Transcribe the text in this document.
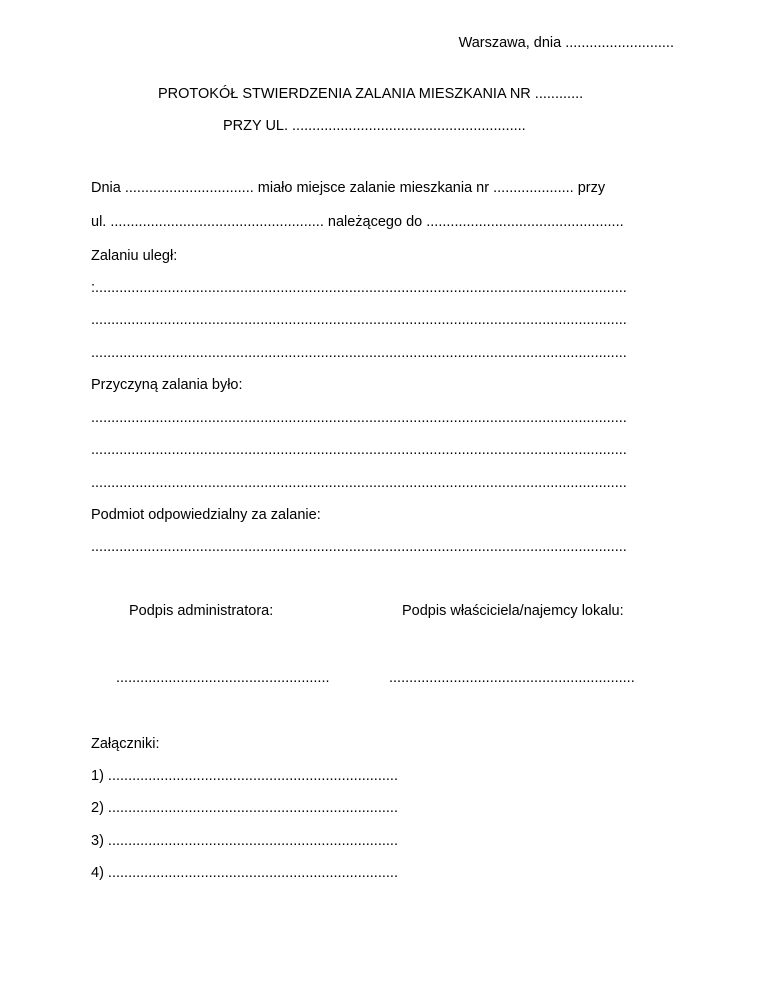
Warszawa, dnia ...........................
PROTOKÓŁ STWIERDZENIA ZALANIA MIESZKANIA NR ............
PRZY UL. ..........................................................
Dnia ................................ miało miejsce zalanie mieszkania nr .................... przy
ul. ..................................................... należącego do .................................................
Zalaniu uległ:
:....................................................................................................................................
.....................................................................................................................................
.....................................................................................................................................
Przyczyną zalania było:
.....................................................................................................................................
.....................................................................................................................................
.....................................................................................................................................
Podmiot odpowiedzialny za zalanie:
.....................................................................................................................................
Podpis administratora:	Podpis właściciela/najemcy lokalu:
.....................................................	.............................................................
Załączniki:
1) ........................................................................
2) ........................................................................
3) ........................................................................
4) ........................................................................
